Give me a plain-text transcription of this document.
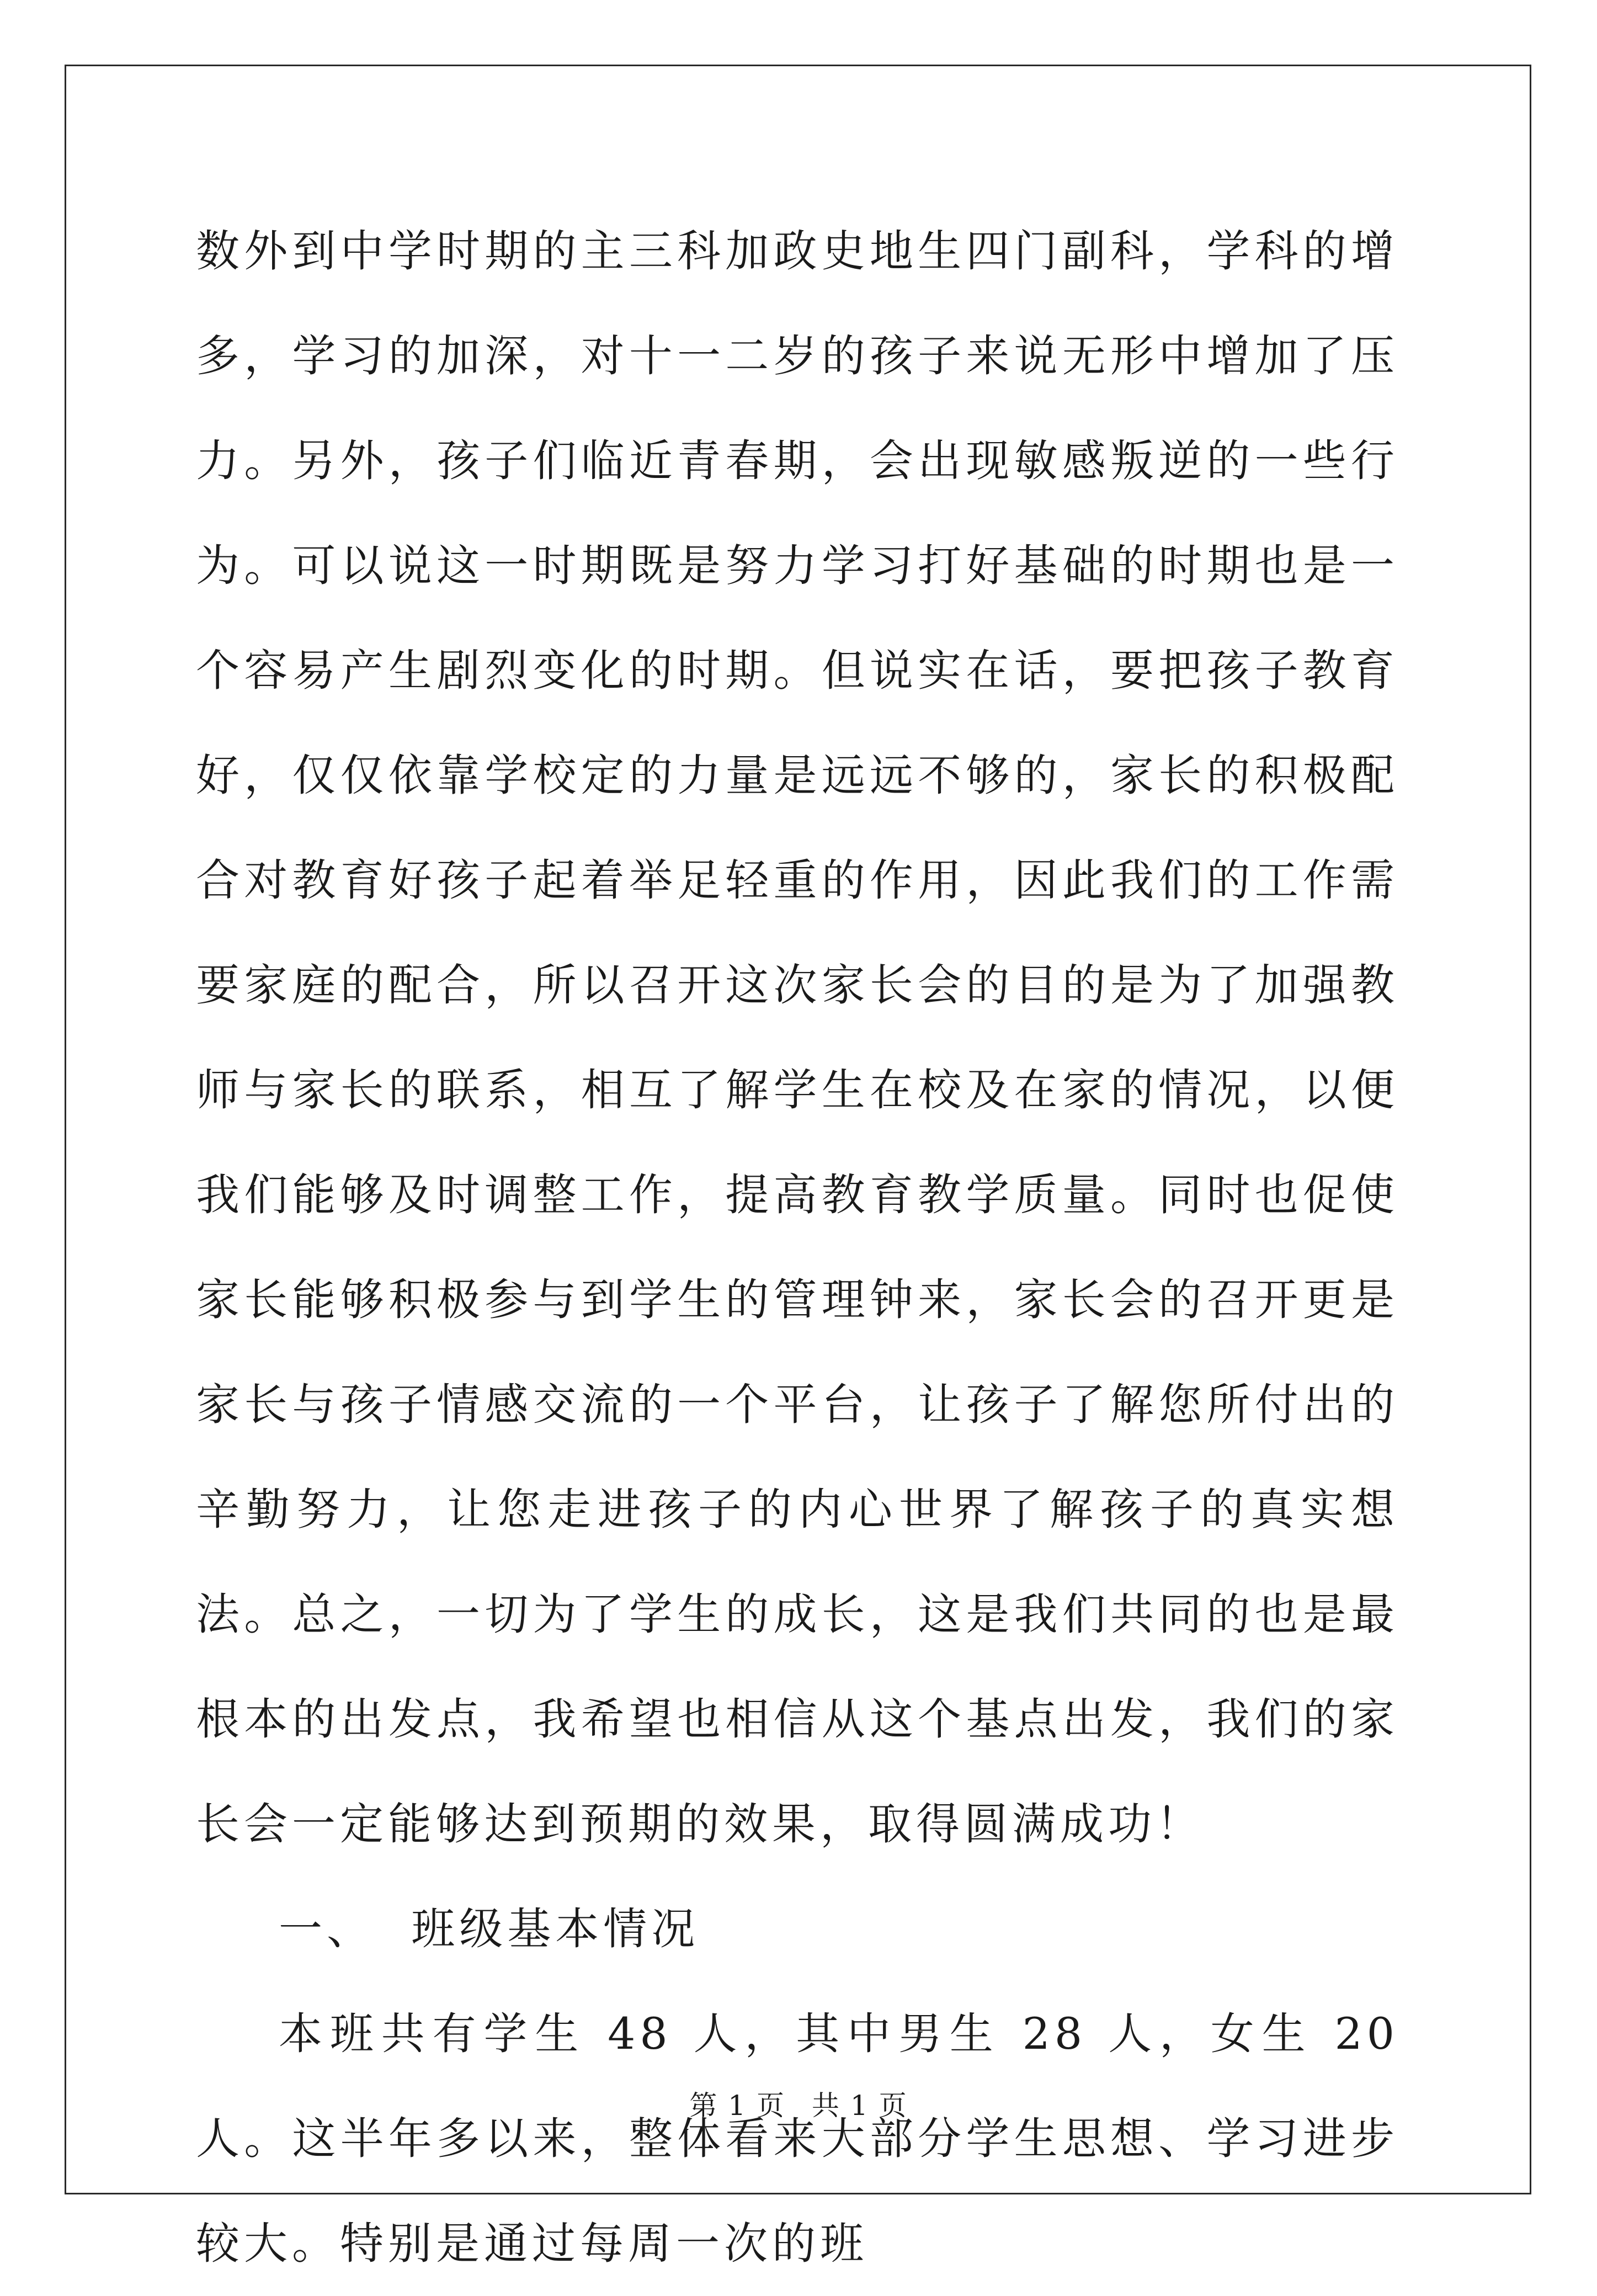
数外到中学时期的主三科加政史地生四门副科，学科的增多，学习的加深，对十一二岁的孩子来说无形中增加了压力。另外，孩子们临近青春期，会出现敏感叛逆的一些行为。可以说这一时期既是努力学习打好基础的时期也是一个容易产生剧烈变化的时期。但说实在话，要把孩子教育好，仅仅依靠学校定的力量是远远不够的，家长的积极配合对教育好孩子起着举足轻重的作用，因此我们的工作需要家庭的配合，所以召开这次家长会的目的是为了加强教师与家长的联系，相互了解学生在校及在家的情况，以便我们能够及时调整工作，提高教育教学质量。同时也促使家长能够积极参与到学生的管理钟来，家长会的召开更是家长与孩子情感交流的一个平台，让孩子了解您所付出的辛勤努力，让您走进孩子的内心世界了解孩子的真实想法。总之，一切为了学生的成长，这是我们共同的也是最根本的出发点，我希望也相信从这个基点出发，我们的家长会一定能够达到预期的效果，取得圆满成功！

一、  班级基本情况

本班共有学生 48 人，其中男生 28 人，女生 20 人。这半年多以来，整体看来大部分学生思想、学习进步较大。特别是通过每周一次的班

第 1 页 共 1 页
